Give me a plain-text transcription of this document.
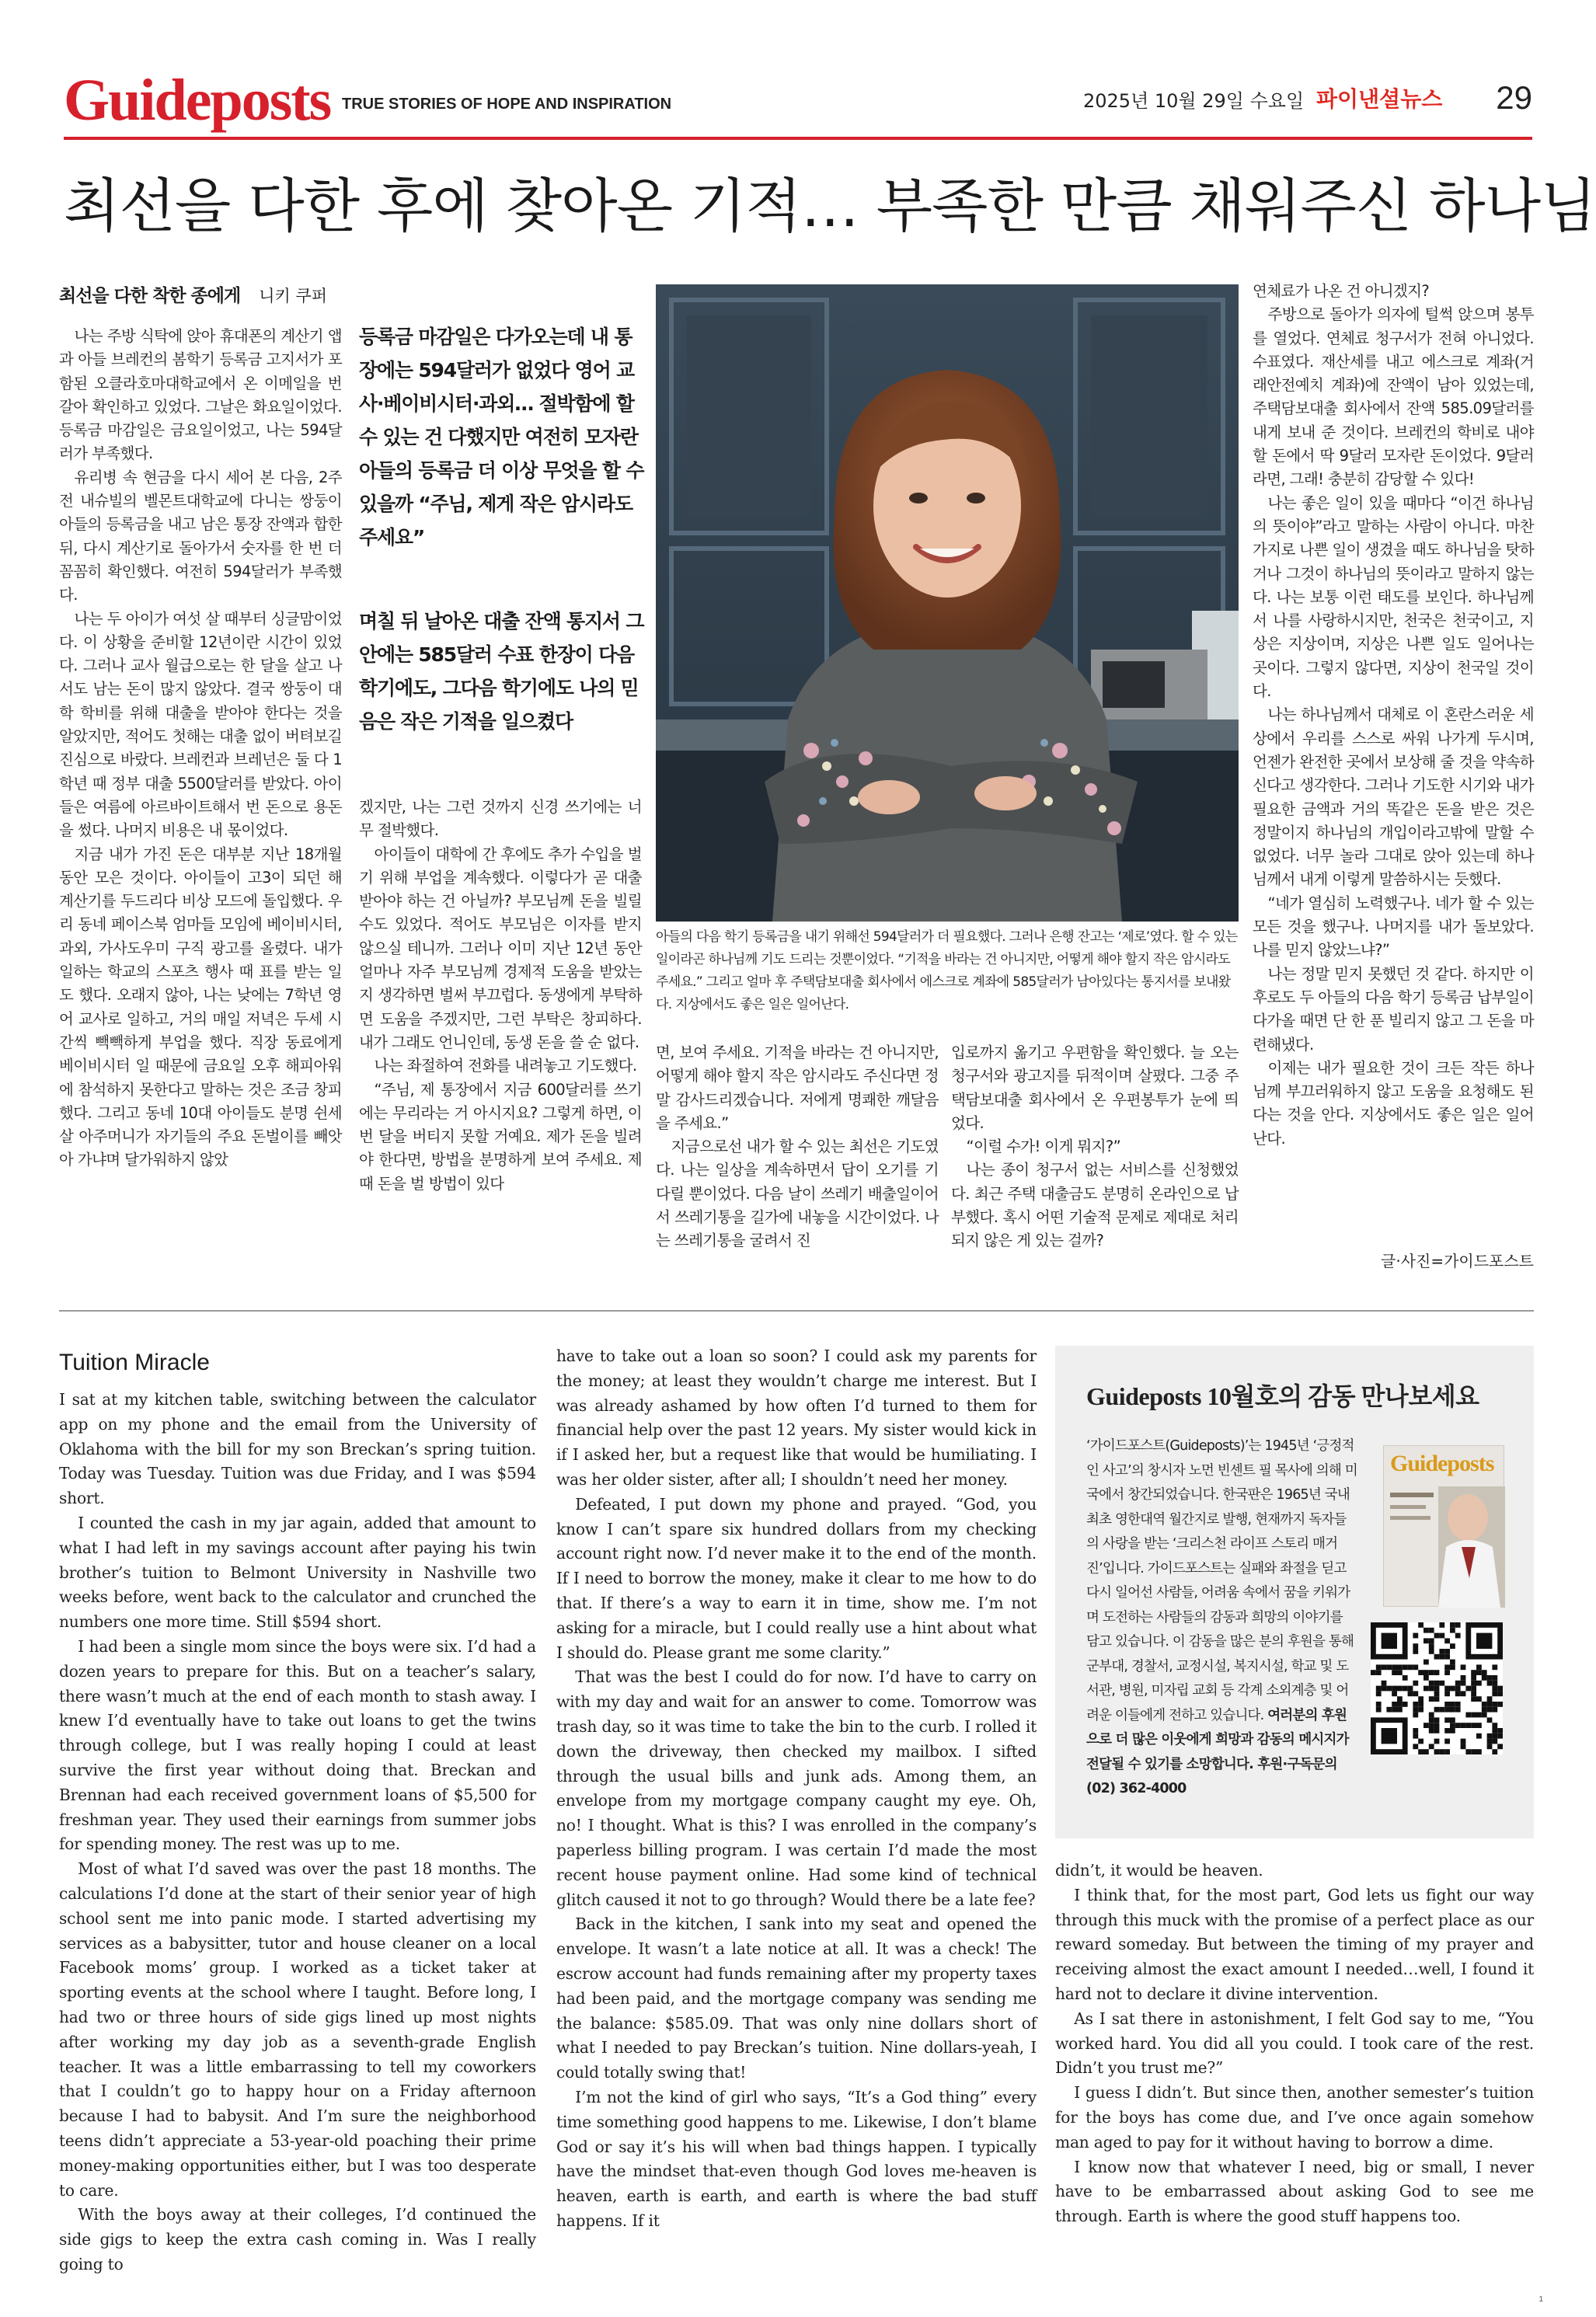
Guideposts TRUE STORIES OF HOPE AND INSPIRATION	2025년 10월 29일 수요일 파이낸셜뉴스 29
최선을 다한 후에 찾아온 기적… 부족한 만큼 채워주신 하나님
최선을 다한 착한 종에게 니키 쿠퍼

나는 주방 식탁에 앉아 휴대폰의 계산기 앱과 아들 브레컨의 봄학기 등록금 고지서가 포함된 오클라호마대학교에서 온 이메일을 번갈아 확인하고 있었다. 그날은 화요일이었다. 등록금 마감일은 금요일이었고, 나는 594달러가 부족했다.

유리병 속 현금을 다시 세어 본 다음, 2주 전 내슈빌의 벨몬트대학교에 다니는 쌍둥이 아들의 등록금을 내고 남은 통장 잔액과 합한 뒤, 다시 계산기로 돌아가서 숫자를 한 번 더 꼼꼼히 확인했다. 여전히 594달러가 부족했다.

나는 두 아이가 여섯 살 때부터 싱글맘이었다. 이 상황을 준비할 12년이란 시간이 있었다. 그러나 교사 월급으로는 한 달을 살고 나서도 남는 돈이 많지 않았다. 결국 쌍둥이 대학 학비를 위해 대출을 받아야 한다는 것을 알았지만, 적어도 첫해는 대출 없이 버텨보길 진심으로 바랐다. 브레컨과 브레넌은 둘 다 1학년 때 정부 대출 5500달러를 받았다. 아이들은 여름에 아르바이트해서 번 돈으로 용돈을 썼다. 나머지 비용은 내 몫이었다.

지금 내가 가진 돈은 대부분 지난 18개월 동안 모은 것이다. 아이들이 고3이 되던 해 계산기를 두드리다 비상 모드에 돌입했다. 우리 동네 페이스북 엄마들 모임에 베이비시터, 과외, 가사도우미 구직 광고를 올렸다. 내가 일하는 학교의 스포츠 행사 때 표를 받는 일도 했다. 오래지 않아, 나는 낮에는 7학년 영어 교사로 일하고, 거의 매일 저녁은 두세 시간씩 빽빽하게 부업을 했다. 직장 동료에게 베이비시터 일 때문에 금요일 오후 해피아워에 참석하지 못한다고 말하는 것은 조금 창피했다. 그리고 동네 10대 아이들도 분명 쉰세 살 아주머니가 자기들의 주요 돈벌이를 빼앗아 가냐며 달가워하지 않았

등록금 마감일은 다가오는데 내 통장에는 594달러가 없었다 영어 교사·베이비시터·과외… 절박함에 할 수 있는 건 다했지만 여전히 모자란 아들의 등록금 더 이상 무엇을 할 수 있을까 “주님, 제게 작은 암시라도 주세요”
며칠 뒤 날아온 대출 잔액 통지서 그 안에는 585달러 수표 한장이 다음 학기에도, 그다음 학기에도 나의 믿음은 작은 기적을 일으켰다

겠지만, 나는 그런 것까지 신경 쓰기에는 너무 절박했다.

아이들이 대학에 간 후에도 추가 수입을 벌기 위해 부업을 계속했다. 이렇다가 곧 대출 받아야 하는 건 아닐까? 부모님께 돈을 빌릴 수도 있었다. 적어도 부모님은 이자를 받지 않으실 테니까. 그러나 이미 지난 12년 동안 얼마나 자주 부모님께 경제적 도움을 받았는지 생각하면 벌써 부끄럽다. 동생에게 부탁하면 도움을 주겠지만, 그런 부탁은 창피하다. 내가 그래도 언니인데, 동생 돈을 쓸 순 없다.

나는 좌절하여 전화를 내려놓고 기도했다.

“주님, 제 통장에서 지금 600달러를 쓰기에는 무리라는 거 아시지요? 그렇게 하면, 이번 달을 버티지 못할 거예요. 제가 돈을 빌려야 한다면, 방법을 분명하게 보여 주세요. 제때 돈을 벌 방법이 있다

아들의 다음 학기 등록금을 내기 위해선 594달러가 더 필요했다. 그러나 은행 잔고는 ‘제로’였다. 할 수 있는 일이라곤 하나님께 기도 드리는 것뿐이었다. “기적을 바라는 건 아니지만, 어떻게 해야 할지 작은 암시라도 주세요.” 그리고 얼마 후 주택담보대출 회사에서 에스크로 계좌에 585달러가 남아있다는 통지서를 보내왔다. 지상에서도 좋은 일은 일어난다.

면, 보여 주세요. 기적을 바라는 건 아니지만, 어떻게 해야 할지 작은 암시라도 주신다면 정말 감사드리겠습니다. 저에게 명쾌한 깨달음을 주세요.”

지금으로선 내가 할 수 있는 최선은 기도였다. 나는 일상을 계속하면서 답이 오기를 기다릴 뿐이었다. 다음 날이 쓰레기 배출일이어서 쓰레기통을 길가에 내놓을 시간이었다. 나는 쓰레기통을 굴려서 진

입로까지 옮기고 우편함을 확인했다. 늘 오는 청구서와 광고지를 뒤적이며 살폈다. 그중 주택담보대출 회사에서 온 우편봉투가 눈에 띄었다.

“이럴 수가! 이게 뭐지?”

나는 종이 청구서 없는 서비스를 신청했었다. 최근 주택 대출금도 분명히 온라인으로 납부했다. 혹시 어떤 기술적 문제로 제대로 처리되지 않은 게 있는 걸까?

연체료가 나온 건 아니겠지?

주방으로 돌아가 의자에 털썩 앉으며 봉투를 열었다. 연체료 청구서가 전혀 아니었다. 수표였다. 재산세를 내고 에스크로 계좌(거래안전예치 계좌)에 잔액이 남아 있었는데, 주택담보대출 회사에서 잔액 585.09달러를 내게 보내 준 것이다. 브레컨의 학비로 내야 할 돈에서 딱 9달러 모자란 돈이었다. 9달러라면, 그래! 충분히 감당할 수 있다!

나는 좋은 일이 있을 때마다 “이건 하나님의 뜻이야”라고 말하는 사람이 아니다. 마찬가지로 나쁜 일이 생겼을 때도 하나님을 탓하거나 그것이 하나님의 뜻이라고 말하지 않는다. 나는 보통 이런 태도를 보인다. 하나님께서 나를 사랑하시지만, 천국은 천국이고, 지상은 지상이며, 지상은 나쁜 일도 일어나는 곳이다. 그렇지 않다면, 지상이 천국일 것이다.

나는 하나님께서 대체로 이 혼란스러운 세상에서 우리를 스스로 싸워 나가게 두시며, 언젠가 완전한 곳에서 보상해 줄 것을 약속하신다고 생각한다. 그러나 기도한 시기와 내가 필요한 금액과 거의 똑같은 돈을 받은 것은 정말이지 하나님의 개입이라고밖에 말할 수 없었다. 너무 놀라 그대로 앉아 있는데 하나님께서 내게 이렇게 말씀하시는 듯했다.

“네가 열심히 노력했구나. 네가 할 수 있는 모든 것을 했구나. 나머지를 내가 돌보았다. 나를 믿지 않았느냐?”

나는 정말 믿지 못했던 것 같다. 하지만 이후로도 두 아들의 다음 학기 등록금 납부일이 다가올 때면 단 한 푼 빌리지 않고 그 돈을 마련해냈다.

이제는 내가 필요한 것이 크든 작든 하나님께 부끄러워하지 않고 도움을 요청해도 된다는 것을 안다. 지상에서도 좋은 일은 일어난다.

글·사진=가이드포스트
Tuition Miracle

I sat at my kitchen table, switching between the calculator app on my phone and the email from the University of Oklahoma with the bill for my son Breckan’s spring tuition. Today was Tuesday. Tuition was due Friday, and I was $594 short.

I counted the cash in my jar again, added that amount to what I had left in my savings account after paying his twin brother’s tuition to Belmont University in Nashville two weeks before, went back to the calculator and crunched the numbers one more time. Still $594 short.

I had been a single mom since the boys were six. I’d had a dozen years to prepare for this. But on a teacher’s salary, there wasn’t much at the end of each month to stash away. I knew I’d eventually have to take out loans to get the twins through college, but I was really hoping I could at least survive the first year without doing that. Breckan and Brennan had each received government loans of $5,500 for freshman year. They used their earnings from summer jobs for spending money. The rest was up to me.

Most of what I’d saved was over the past 18 months. The calculations I’d done at the start of their senior year of high school sent me into panic mode. I started advertising my services as a babysitter, tutor and house cleaner on a local Facebook moms’ group. I worked as a ticket taker at sporting events at the school where I taught. Before long, I had two or three hours of side gigs lined up most nights after working my day job as a seventh-grade English teacher. It was a little embarrassing to tell my coworkers that I couldn’t go to happy hour on a Friday afternoon because I had to babysit. And I’m sure the neighborhood teens didn’t appreciate a 53-year-old poaching their prime money-making opportunities either, but I was too desperate to care.

With the boys away at their colleges, I’d continued the side gigs to keep the extra cash coming in. Was I really going to

have to take out a loan so soon? I could ask my parents for the money; at least they wouldn’t charge me interest. But I was already ashamed by how often I’d turned to them for financial help over the past 12 years. My sister would kick in if I asked her, but a request like that would be humiliating. I was her older sister, after all; I shouldn’t need her money.

Defeated, I put down my phone and prayed. “God, you know I can’t spare six hundred dollars from my checking account right now. I’d never make it to the end of the month. If I need to borrow the money, make it clear to me how to do that. If there’s a way to earn it in time, show me. I’m not asking for a miracle, but I could really use a hint about what I should do. Please grant me some clarity.”

That was the best I could do for now. I’d have to carry on with my day and wait for an answer to come. Tomorrow was trash day, so it was time to take the bin to the curb. I rolled it down the driveway, then checked my mailbox. I sifted through the usual bills and junk ads. Among them, an envelope from my mortgage company caught my eye. Oh, no! I thought. What is this? I was enrolled in the company’s paperless billing program. I was certain I’d made the most recent house payment online. Had some kind of technical glitch caused it not to go through? Would there be a late fee?

Back in the kitchen, I sank into my seat and opened the envelope. It wasn’t a late notice at all. It was a check! The escrow account had funds remaining after my property taxes had been paid, and the mortgage company was sending me the balance: $585.09. That was only nine dollars short of what I needed to pay Breckan’s tuition. Nine dollars-yeah, I could totally swing that!

I’m not the kind of girl who says, “It’s a God thing” every time something good happens to me. Likewise, I don’t blame God or say it’s his will when bad things happen. I typically have the mindset that-even though God loves me-heaven is heaven, earth is earth, and earth is where the bad stuff happens. If it

Guideposts 10월호의 감동 만나보세요
‘가이드포스트(Guideposts)’는 1945년 ‘긍정적인 사고’의 창시자 노먼 빈센트 필 목사에 의해 미국에서 창간되었습니다. 한국판은 1965년 국내 최초 영한대역 월간지로 발행, 현재까지 독자들의 사랑을 받는 ‘크리스천 라이프 스토리 매거진’입니다. 가이드포스트는 실패와 좌절을 딛고 다시 일어선 사람들, 어려움 속에서 꿈을 키워가며 도전하는 사람들의 감동과 희망의 이야기를 담고 있습니다. 이 감동을 많은 분의 후원을 통해 군부대, 경찰서, 교정시설, 복지시설, 학교 및 도서관, 병원, 미자립 교회 등 각계 소외계층 및 어려운 이들에게 전하고 있습니다. 여러분의 후원으로 더 많은 이웃에게 희망과 감동의 메시지가 전달될 수 있기를 소망합니다. 후원·구독문의 (02) 362-4000
Guideposts

didn’t, it would be heaven.

I think that, for the most part, God lets us fight our way through this muck with the promise of a perfect place as our reward someday. But between the timing of my prayer and receiving almost the exact amount I needed…well, I found it hard not to declare it divine intervention.

As I sat there in astonishment, I felt God say to me, “You worked hard. You did all you could. I took care of the rest. Didn’t you trust me?”

I guess I didn’t. But since then, another semester’s tuition for the boys has come due, and I’ve once again somehow man aged to pay for it without having to borrow a dime.

I know now that whatever I need, big or small, I never have to be embarrassed about asking God to see me through. Earth is where the good stuff happens too.

1
